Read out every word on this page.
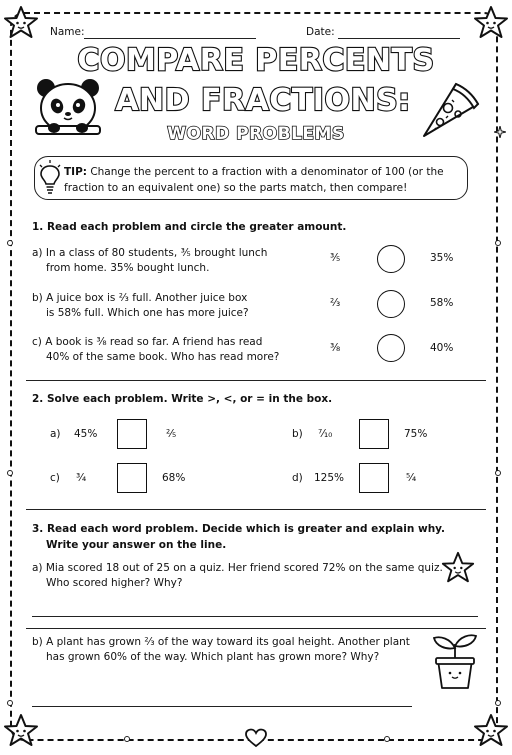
Name:	Date:
COMPARE PERCENTS
AND FRACTIONS:
WORD PROBLEMS
TIP: Change the percent to a fraction with a denominator of 100 (or the fraction to an equivalent one) so the parts match, then compare!
1. Read each problem and circle the greater amount.
a) In a class of 80 students, ³⁄₅ brought lunch
from home. 35% bought lunch.
³⁄₅	35%
b) A juice box is ²⁄₃ full. Another juice box
is 58% full. Which one has more juice?
²⁄₃	58%
c) A book is ³⁄₈ read so far. A friend has read
40% of the same book. Who has read more?
³⁄₈	40%
2. Solve each problem. Write >, <, or = in the box.
a) 45%	²⁄₅	b) ⁷⁄₁₀	75%
c) ³⁄₄	68%	d) 125%	⁵⁄₄
3. Read each word problem. Decide which is greater and explain why.
Write your answer on the line.
a) Mia scored 18 out of 25 on a quiz. Her friend scored 72% on the same quiz.
Who scored higher? Why?
b) A plant has grown ²⁄₃ of the way toward its goal height. Another plant
has grown 60% of the way. Which plant has grown more? Why?
